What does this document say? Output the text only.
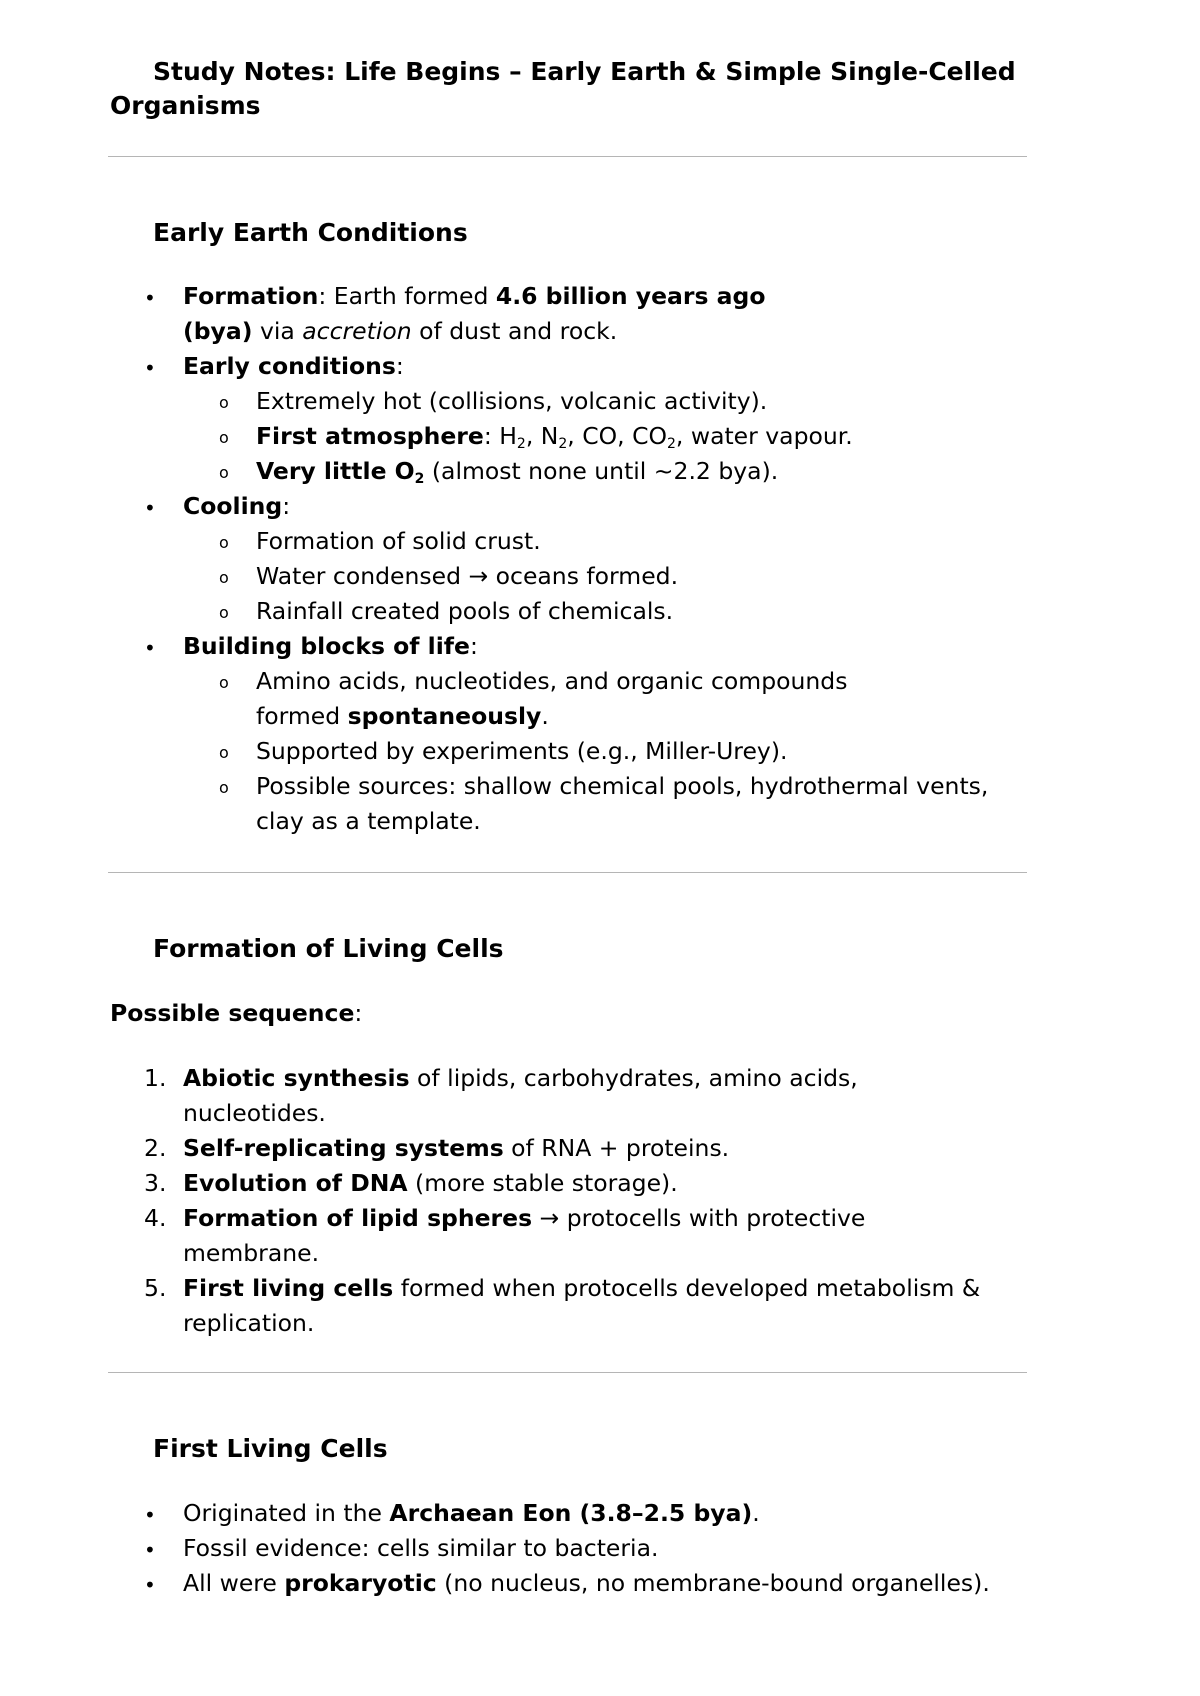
Study Notes: Life Begins – Early Earth & Simple Single-Celled
Organisms
Early Earth Conditions
• Formation: Earth formed 4.6 billion years ago
(bya) via accretion of dust and rock.
• Early conditions:
o Extremely hot (collisions, volcanic activity).
o First atmosphere: $H_2$, $N_2$, CO, $CO_2$, water vapour.
o Very little $O_2$ (almost none until ~2.2 bya).
• Cooling:
o Formation of solid crust.
o Water condensed → oceans formed.
o Rainfall created pools of chemicals.
• Building blocks of life:
o Amino acids, nucleotides, and organic compounds
formed spontaneously.
o Supported by experiments (e.g., Miller-Urey).
o Possible sources: shallow chemical pools, hydrothermal vents,
clay as a template.
Formation of Living Cells
Possible sequence:
1. Abiotic synthesis of lipids, carbohydrates, amino acids,
nucleotides.
2. Self-replicating systems of RNA + proteins.
3. Evolution of DNA (more stable storage).
4. Formation of lipid spheres → protocells with protective
membrane.
5. First living cells formed when protocells developed metabolism &
replication.
First Living Cells
• Originated in the Archaean Eon (3.8–2.5 bya).
• Fossil evidence: cells similar to bacteria.
• All were prokaryotic (no nucleus, no membrane-bound organelles).
